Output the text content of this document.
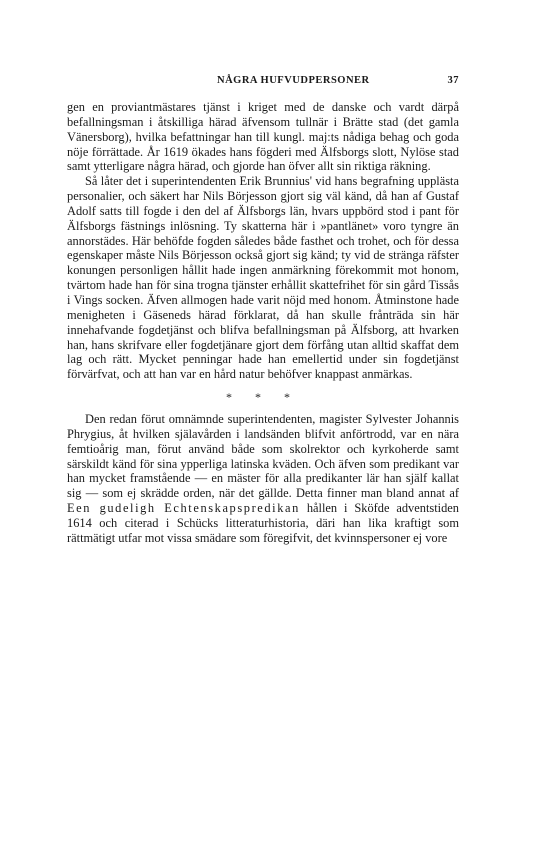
NÅGRA HUFVUDPERSONER	37

gen en proviantmästares tjänst i kriget med de danske och vardt därpå befallningsman i åtskilliga härad äfvensom tullnär i Brätte stad (det gamla Vänersborg), hvilka befattningar han till kungl. maj:ts nådiga behag och goda nöje förrättade. År 1619 ökades hans fögderi med Älfsborgs slott, Nylöse stad samt ytterligare några härad, och gjorde han öfver allt sin riktiga räkning.

Så låter det i superintendenten Erik Brunnius' vid hans begrafning upplästa personalier, och säkert har Nils Börjesson gjort sig väl känd, då han af Gustaf Adolf satts till fogde i den del af Älfsborgs län, hvars uppbörd stod i pant för Älfsborgs fästnings inlösning. Ty skatterna här i »pantlänet» voro tyngre än annorstädes. Här behöfde fogden således både fasthet och trohet, och för dessa egenskaper måste Nils Börjesson också gjort sig känd; ty vid de stränga räfster konungen personligen hållit hade ingen anmärkning förekommit mot honom, tvärtom hade han för sina trogna tjänster erhållit skattefrihet för sin gård Tissås i Vings socken. Äfven allmogen hade varit nöjd med honom. Åtminstone hade menigheten i Gäseneds härad förklarat, då han skulle frånträda sin här innehafvande fogdetjänst och blifva befallningsman på Älfsborg, att hvarken han, hans skrifvare eller fogdetjänare gjort dem förfång utan alltid skaffat dem lag och rätt. Mycket penningar hade han emellertid under sin fogdetjänst förvärfvat, och att han var en hård natur behöfver knappast anmärkas.

* * *

Den redan förut omnämnde superintendenten, magister Sylvester Johannis Phrygius, åt hvilken själavården i landsänden blifvit anförtrodd, var en nära femtioårig man, förut använd både som skolrektor och kyrkoherde samt särskildt känd för sina ypperliga latinska kväden. Och äfven som predikant var han mycket framstående — en mäster för alla predikanter lär han själf kallat sig — som ej skrädde orden, när det gällde. Detta finner man bland annat af Een gudeligh Echtenskapspredikan hållen i Sköfde adventstiden 1614 och citerad i Schücks litteraturhistoria, däri han lika kraftigt som rättmätigt utfar mot vissa smädare som föregifvit, det kvinnspersoner ej vore
